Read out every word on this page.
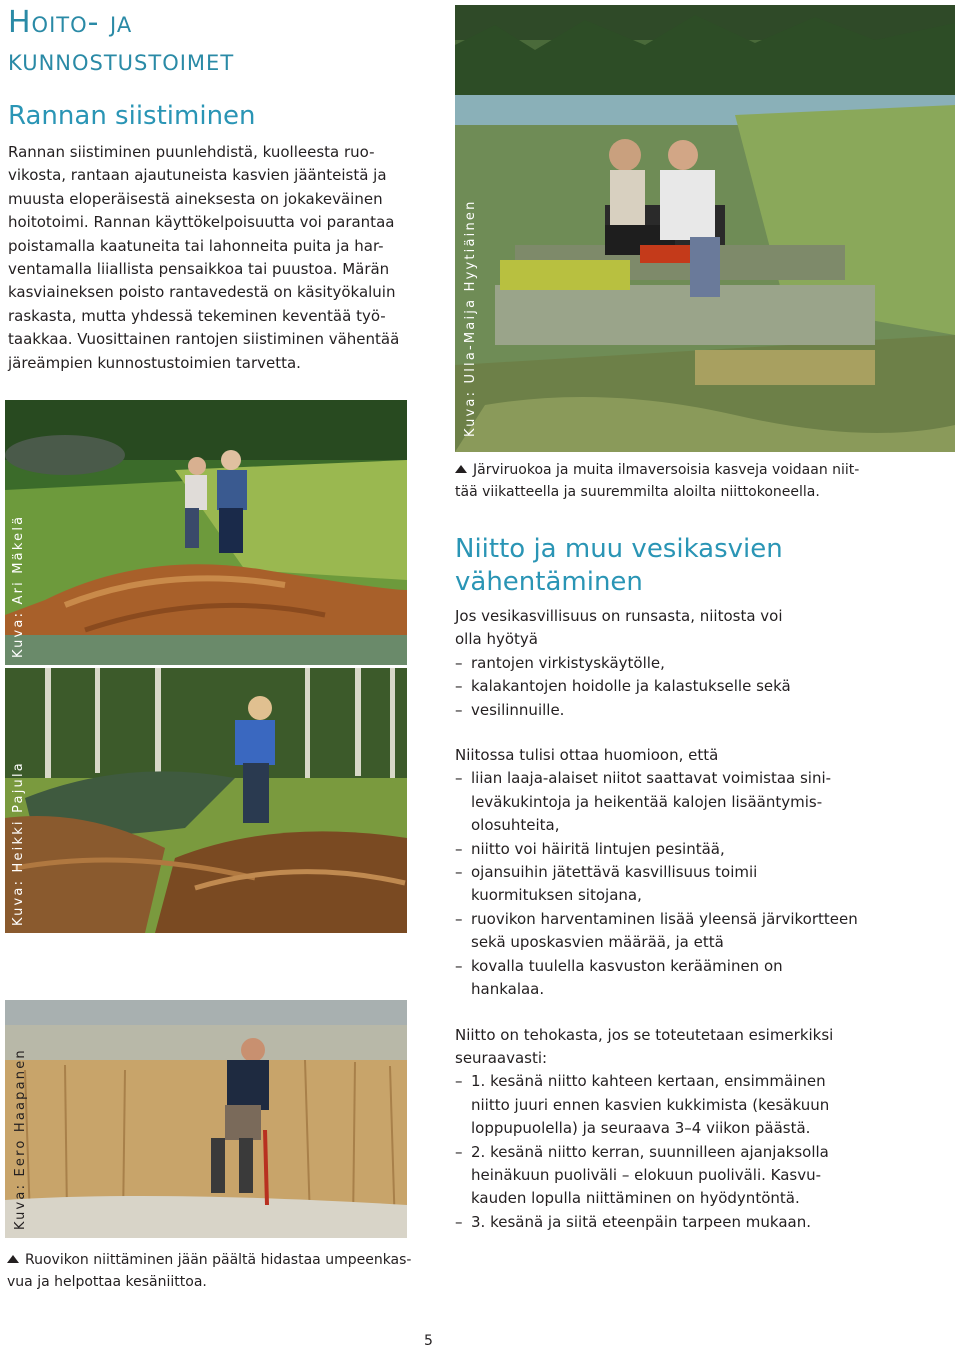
Hoito- ja
kunnostustoimet
Rannan siistiminen
Rannan siistiminen puunlehdistä, kuolleesta ruo-
vikosta, rantaan ajautuneista kasvien jäänteistä ja
muusta eloperäisestä aineksesta on jokakeväinen
hoitotoimi. Rannan käyttökelpoisuutta voi parantaa
poistamalla kaatuneita tai lahonneita puita ja har-
ventamalla liiallista pensaikkoa tai puustoa. Märän
kasviaineksen poisto rantavedestä on käsityökaluin
raskasta, mutta yhdessä tekeminen keventää työ-
taakkaa. Vuosittainen rantojen siistiminen vähentää
järeämpien kunnostustoimien tarvetta.	Kuva: Ulla-Maija Hyytiäinen
Järviruokoa ja muita ilmaversoisia kasveja voidaan niit-
tää viikatteella ja suuremmilta aloilta niittokoneella.
Kuva: Ari Mäkelä
Kuva: Heikki Pajula
Kuva: Eero Haapanen
Ruovikon niittäminen jään päältä hidastaa umpeenkas-
vua ja helpottaa kesäniittoa.
Niitto ja muu vesikasvien
vähentäminen
Jos vesikasvillisuus on runsasta, niitosta voi
olla hyötyä
– rantojen virkistyskäytölle,
– kalakantojen hoidolle ja kalastukselle sekä
– vesilinnuille.
Niitossa tulisi ottaa huomioon, että
– liian laaja-alaiset niitot saattavat voimistaa sini-
leväkukintoja ja heikentää kalojen lisääntymis-
olosuhteita,
– niitto voi häiritä lintujen pesintää,
– ojansuihin jätettävä kasvillisuus toimii
kuormituksen sitojana,
– ruovikon harventaminen lisää yleensä järvikortteen
sekä uposkasvien määrää, ja että
– kovalla tuulella kasvuston kerääminen on
hankalaa.
Niitto on tehokasta, jos se toteutetaan esimerkiksi
seuraavasti:
– 1. kesänä niitto kahteen kertaan, ensimmäinen
niitto juuri ennen kasvien kukkimista (kesäkuun
loppupuolella) ja seuraava 3–4 viikon päästä.
– 2. kesänä niitto kerran, suunnilleen ajanjaksolla
heinäkuun puoliväli – elokuun puoliväli. Kasvu-
kauden lopulla niittäminen on hyödyntöntä.
– 3. kesänä ja siitä eteenpäin tarpeen mukaan.
5
